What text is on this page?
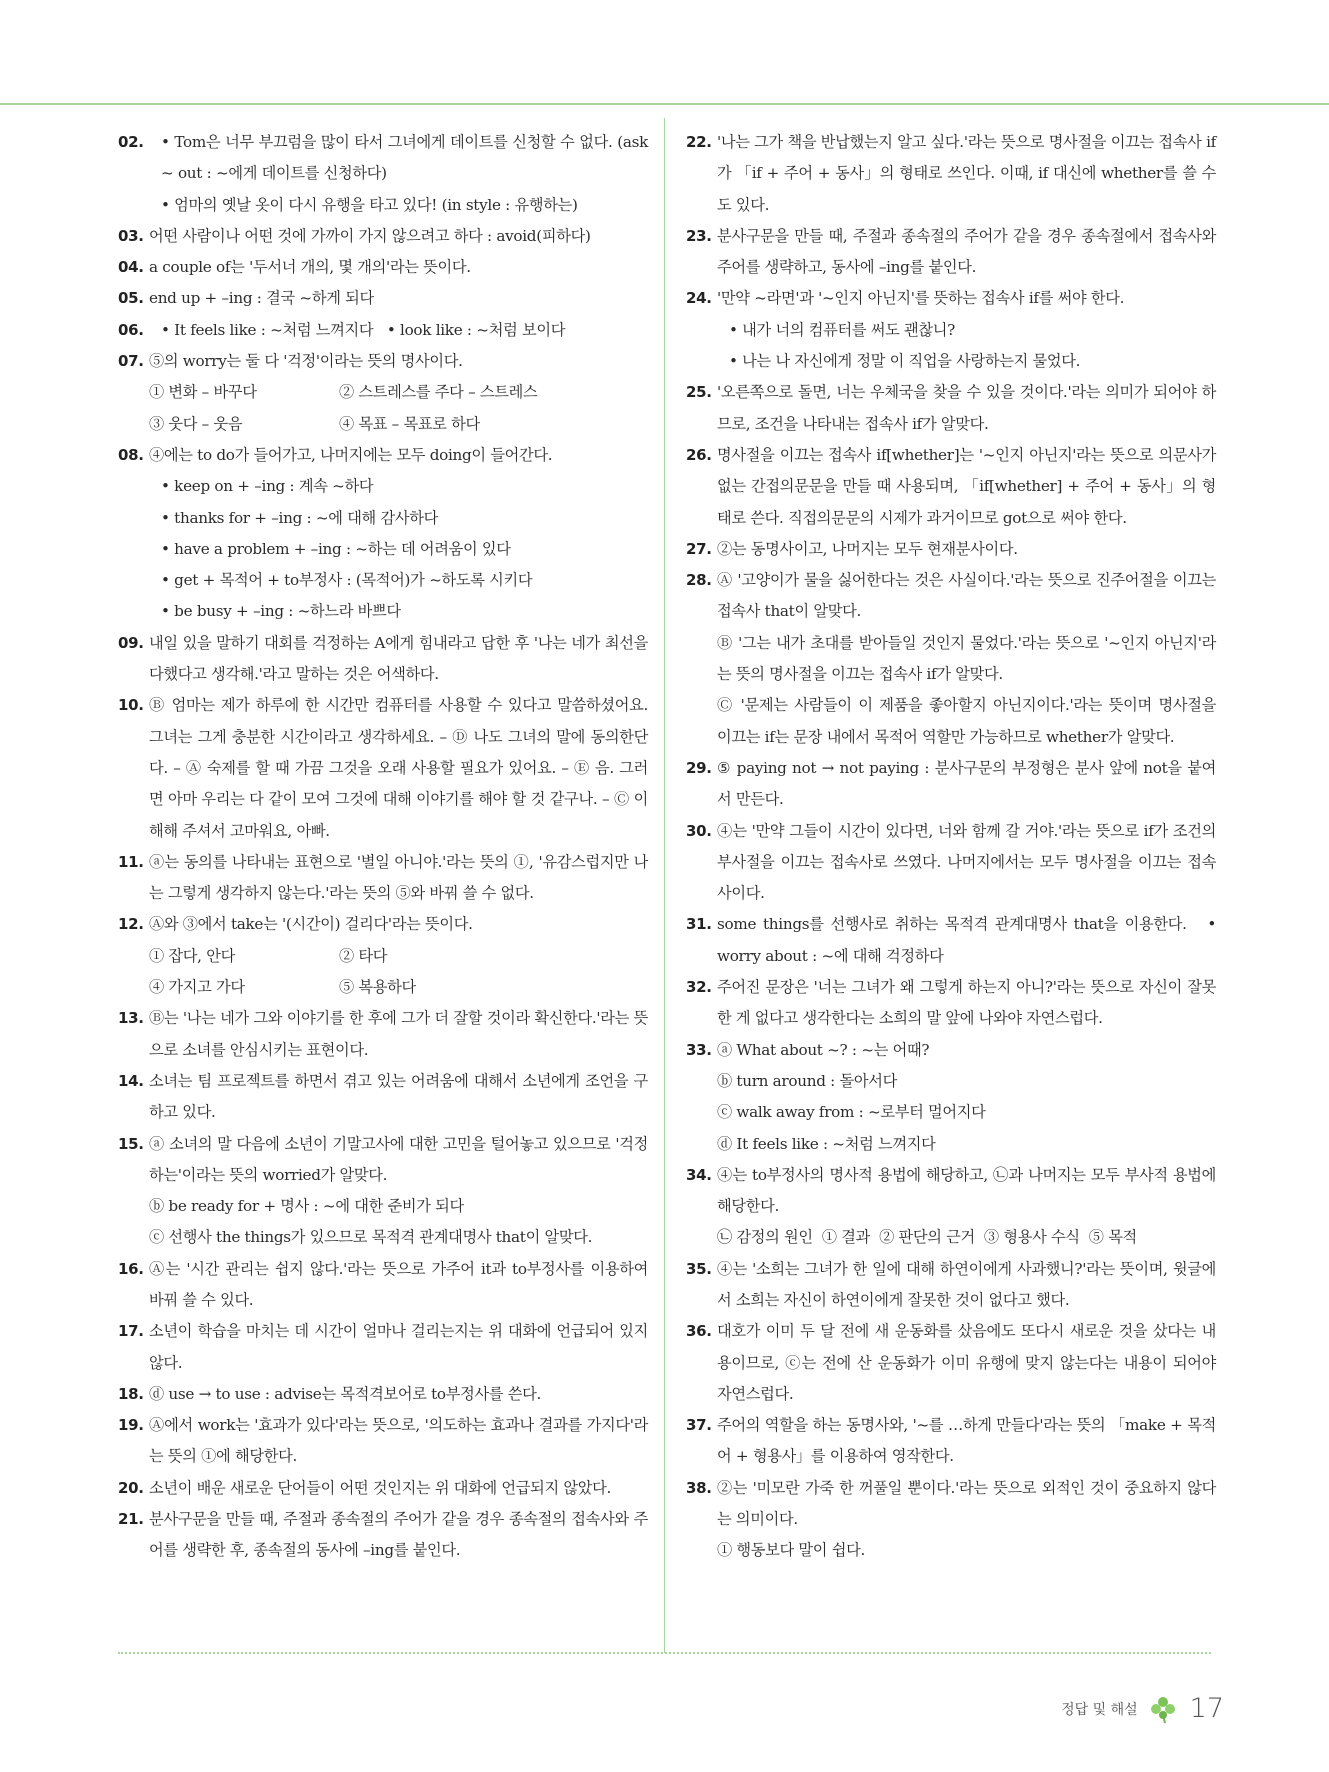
02.	• Tom은 너무 부끄럼을 많이 타서 그녀에게 데이트를 신청할 수 없다. (ask ~ out : ~에게 데이트를 신청하다)
• 엄마의 옛날 옷이 다시 유행을 타고 있다! (in style : 유행하는)
03. 어떤 사람이나 어떤 것에 가까이 가지 않으려고 하다 : avoid(피하다)
04. a couple of는 '두서너 개의, 몇 개의'라는 뜻이다.
05. end up + –ing : 결국 ~하게 되다
06.	• It feels like : ~처럼 느껴지다   • look like : ~처럼 보이다
07. ⑤의 worry는 둘 다 '걱정'이라는 뜻의 명사이다.
① 변화 – 바꾸다	② 스트레스를 주다 – 스트레스
③ 웃다 – 웃음	④ 목표 – 목표로 하다
08. ④에는 to do가 들어가고, 나머지에는 모두 doing이 들어간다.
• keep on + –ing : 계속 ~하다
• thanks for + –ing : ~에 대해 감사하다
• have a problem + –ing : ~하는 데 어려움이 있다
• get + 목적어 + to부정사 : (목적어)가 ~하도록 시키다
• be busy + –ing : ~하느라 바쁘다
09. 내일 있을 말하기 대회를 걱정하는 A에게 힘내라고 답한 후 '나는 네가 최선을 다했다고 생각해.'라고 말하는 것은 어색하다.
10. Ⓑ 엄마는 제가 하루에 한 시간만 컴퓨터를 사용할 수 있다고 말씀하셨어요. 그녀는 그게 충분한 시간이라고 생각하세요. – Ⓓ 나도 그녀의 말에 동의한단다. – Ⓐ 숙제를 할 때 가끔 그것을 오래 사용할 필요가 있어요. – Ⓔ 음. 그러면 아마 우리는 다 같이 모여 그것에 대해 이야기를 해야 할 것 같구나. – Ⓒ 이해해 주셔서 고마워요, 아빠.
11. ⓐ는 동의를 나타내는 표현으로 '별일 아니야.'라는 뜻의 ①, '유감스럽지만 나는 그렇게 생각하지 않는다.'라는 뜻의 ⑤와 바꿔 쓸 수 없다.
12. Ⓐ와 ③에서 take는 '(시간이) 걸리다'라는 뜻이다.
① 잡다, 안다	② 타다
④ 가지고 가다	⑤ 복용하다
13. Ⓑ는 '나는 네가 그와 이야기를 한 후에 그가 더 잘할 것이라 확신한다.'라는 뜻으로 소녀를 안심시키는 표현이다.
14. 소녀는 팀 프로젝트를 하면서 겪고 있는 어려움에 대해서 소년에게 조언을 구하고 있다.
15. ⓐ 소녀의 말 다음에 소년이 기말고사에 대한 고민을 털어놓고 있으므로 '걱정하는'이라는 뜻의 worried가 알맞다.
ⓑ be ready for + 명사 : ~에 대한 준비가 되다
ⓒ 선행사 the things가 있으므로 목적격 관계대명사 that이 알맞다.
16. Ⓐ는 '시간 관리는 쉽지 않다.'라는 뜻으로 가주어 it과 to부정사를 이용하여 바꿔 쓸 수 있다.
17. 소년이 학습을 마치는 데 시간이 얼마나 걸리는지는 위 대화에 언급되어 있지 않다.
18. ⓓ use → to use : advise는 목적격보어로 to부정사를 쓴다.
19. Ⓐ에서 work는 '효과가 있다'라는 뜻으로, '의도하는 효과나 결과를 가지다'라는 뜻의 ①에 해당한다.
20. 소년이 배운 새로운 단어들이 어떤 것인지는 위 대화에 언급되지 않았다.
21. 분사구문을 만들 때, 주절과 종속절의 주어가 같을 경우 종속절의 접속사와 주어를 생략한 후, 종속절의 동사에 –ing를 붙인다.
22. '나는 그가 책을 반납했는지 알고 싶다.'라는 뜻으로 명사절을 이끄는 접속사 if가 「if + 주어 + 동사」의 형태로 쓰인다. 이때, if 대신에 whether를 쓸 수도 있다.
23. 분사구문을 만들 때, 주절과 종속절의 주어가 같을 경우 종속절에서 접속사와 주어를 생략하고, 동사에 –ing를 붙인다.
24. '만약 ~라면'과 '~인지 아닌지'를 뜻하는 접속사 if를 써야 한다.
• 내가 너의 컴퓨터를 써도 괜찮니?
• 나는 나 자신에게 정말 이 직업을 사랑하는지 물었다.
25. '오른쪽으로 돌면, 너는 우체국을 찾을 수 있을 것이다.'라는 의미가 되어야 하므로, 조건을 나타내는 접속사 if가 알맞다.
26. 명사절을 이끄는 접속사 if[whether]는 '~인지 아닌지'라는 뜻으로 의문사가 없는 간접의문문을 만들 때 사용되며, 「if[whether] + 주어 + 동사」의 형태로 쓴다. 직접의문문의 시제가 과거이므로 got으로 써야 한다.
27. ②는 동명사이고, 나머지는 모두 현재분사이다.
28. Ⓐ '고양이가 물을 싫어한다는 것은 사실이다.'라는 뜻으로 진주어절을 이끄는 접속사 that이 알맞다.
Ⓑ '그는 내가 초대를 받아들일 것인지 물었다.'라는 뜻으로 '~인지 아닌지'라는 뜻의 명사절을 이끄는 접속사 if가 알맞다.
Ⓒ '문제는 사람들이 이 제품을 좋아할지 아닌지이다.'라는 뜻이며 명사절을 이끄는 if는 문장 내에서 목적어 역할만 가능하므로 whether가 알맞다.
29. ⑤ paying not → not paying : 분사구문의 부정형은 분사 앞에 not을 붙여서 만든다.
30. ④는 '만약 그들이 시간이 있다면, 너와 함께 갈 거야.'라는 뜻으로 if가 조건의 부사절을 이끄는 접속사로 쓰였다. 나머지에서는 모두 명사절을 이끄는 접속사이다.
31. some things를 선행사로 취하는 목적격 관계대명사 that을 이용한다.   • worry about : ~에 대해 걱정하다
32. 주어진 문장은 '너는 그녀가 왜 그렇게 하는지 아니?'라는 뜻으로 자신이 잘못한 게 없다고 생각한다는 소희의 말 앞에 나와야 자연스럽다.
33. ⓐ What about ~? : ~는 어때?
ⓑ turn around : 돌아서다
ⓒ walk away from : ~로부터 멀어지다
ⓓ It feels like : ~처럼 느껴지다
34. ④는 to부정사의 명사적 용법에 해당하고, ㉡과 나머지는 모두 부사적 용법에 해당한다.
㉡ 감정의 원인  ① 결과  ② 판단의 근거  ③ 형용사 수식  ⑤ 목적
35. ④는 '소희는 그녀가 한 일에 대해 하연이에게 사과했니?'라는 뜻이며, 윗글에서 소희는 자신이 하연이에게 잘못한 것이 없다고 했다.
36. 대호가 이미 두 달 전에 새 운동화를 샀음에도 또다시 새로운 것을 샀다는 내용이므로, ⓒ는 전에 산 운동화가 이미 유행에 맞지 않는다는 내용이 되어야 자연스럽다.
37. 주어의 역할을 하는 동명사와, '~를 …하게 만들다'라는 뜻의 「make + 목적어 + 형용사」를 이용하여 영작한다.
38. ②는 '미모란 가죽 한 꺼풀일 뿐이다.'라는 뜻으로 외적인 것이 중요하지 않다는 의미이다.
① 행동보다 말이 쉽다.
정답 및 해설 17
